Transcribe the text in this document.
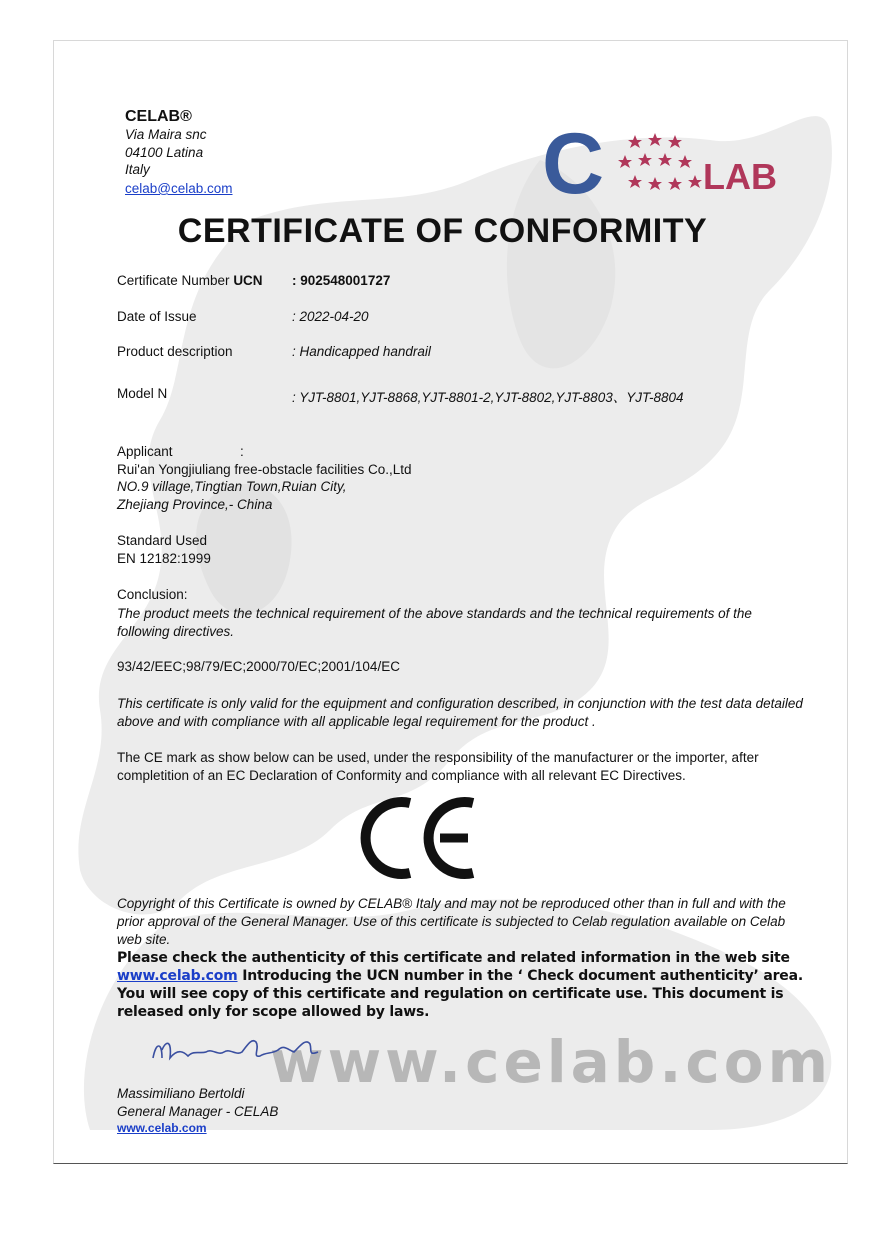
CELAB®
Via Maira snc
04100 Latina
Italy
celab@celab.com	C	LAB
CERTIFICATE OF CONFORMITY
Certificate Number UCN : 902548001727
Date of Issue	: 2022-04-20
Product description	: Handicapped handrail
Model N	: YJT-8801,YJT-8868,YJT-8801-2,YJT-8802,YJT-8803、YJT-8804
Applicant	:
Rui'an Yongjiuliang free-obstacle facilities Co.,Ltd
NO.9 village,Tingtian Town,Ruian City,
Zhejiang Province,- China
Standard Used
EN 12182:1999
Conclusion:
The product meets the technical requirement of the above standards and the technical requirements of the following directives.
93/42/EEC;98/79/EC;2000/70/EC;2001/104/EC
This certificate is only valid for the equipment and configuration described, in conjunction with the test data detailed above and with compliance with all applicable legal requirement for the product .
The CE mark as show below can be used, under the responsibility of the manufacturer or the importer, after completition of an EC Declaration of Conformity and compliance with all relevant EC Directives.
Copyright of this Certificate is owned by CELAB® Italy and may not be reproduced other than in full and with the prior approval of the General Manager. Use of this certificate is subjected to Celab regulation available on Celab web site.
Please check the authenticity of this certificate and related information in the web site
www.celab.com Introducing the UCN number in the ‘ Check document authenticity’ area. You will see copy of this certificate and regulation on certificate use. This document is released only for scope allowed by laws.
www.celab.com
Massimiliano Bertoldi
General Manager - CELAB
www.celab.com
